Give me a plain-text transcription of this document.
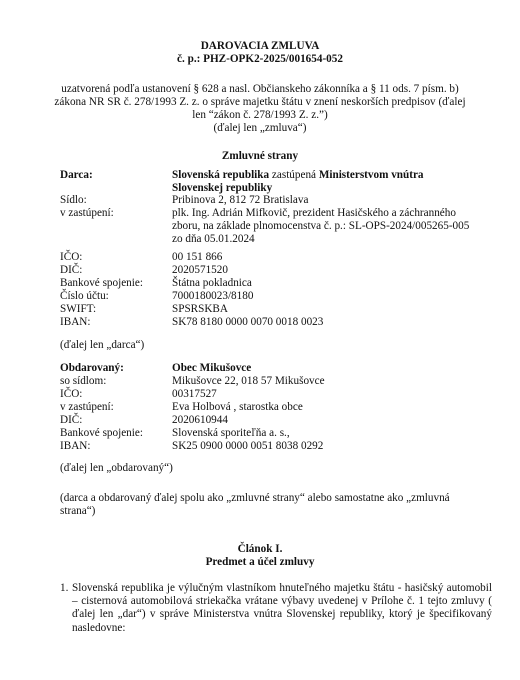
DAROVACIA ZMLUVA
č. p.: PHZ-OPK2-2025/001654-052
uzatvorená podľa ustanovení § 628 a nasl. Občianskeho zákonníka a § 11 ods. 7 písm. b)
zákona NR SR č. 278/1993 Z. z. o správe majetku štátu v znení neskorších predpisov (ďalej
len “zákon č. 278/1993 Z. z.”)
(ďalej len „zmluva“)
Zmluvné strany
Darca:	Slovenská republika zastúpená Ministerstvom vnútra Slovenskej republiky
Sídlo:	Pribinova 2, 812 72 Bratislava
v zastúpení:	plk. Ing. Adrián Mifkovič, prezident Hasičského a záchranného zboru, na základe plnomocenstva č. p.: SL-OPS-2024/005265-005 zo dňa 05.01.2024
IČO:	00 151 866
DIČ:	2020571520
Bankové spojenie:	Štátna pokladnica
Číslo účtu:	7000180023/8180
SWIFT:	SPSRSKBA
IBAN:	SK78 8180 0000 0070 0018 0023
(ďalej len „darca“)
Obdarovaný:	Obec Mikušovce
so sídlom:	Mikušovce 22, 018 57 Mikušovce
IČO:	00317527
v zastúpení:	Eva Holbová , starostka obce
DIČ:	2020610944
Bankové spojenie:	Slovenská sporiteľňa a. s.,
IBAN:	SK25 0900 0000 0051 8038 0292
(ďalej len „obdarovaný“)
(darca a obdarovaný ďalej spolu ako „zmluvné strany“ alebo samostatne ako „zmluvná strana“)
Článok I.
Predmet a účel zmluvy
1. Slovenská republika je výlučným vlastníkom hnuteľného majetku štátu - hasičský automobil – cisternová automobilová striekačka vrátane výbavy uvedenej v Prílohe č. 1 tejto zmluvy ( ďalej len „dar“) v správe Ministerstva vnútra Slovenskej republiky, ktorý je špecifikovaný nasledovne:
